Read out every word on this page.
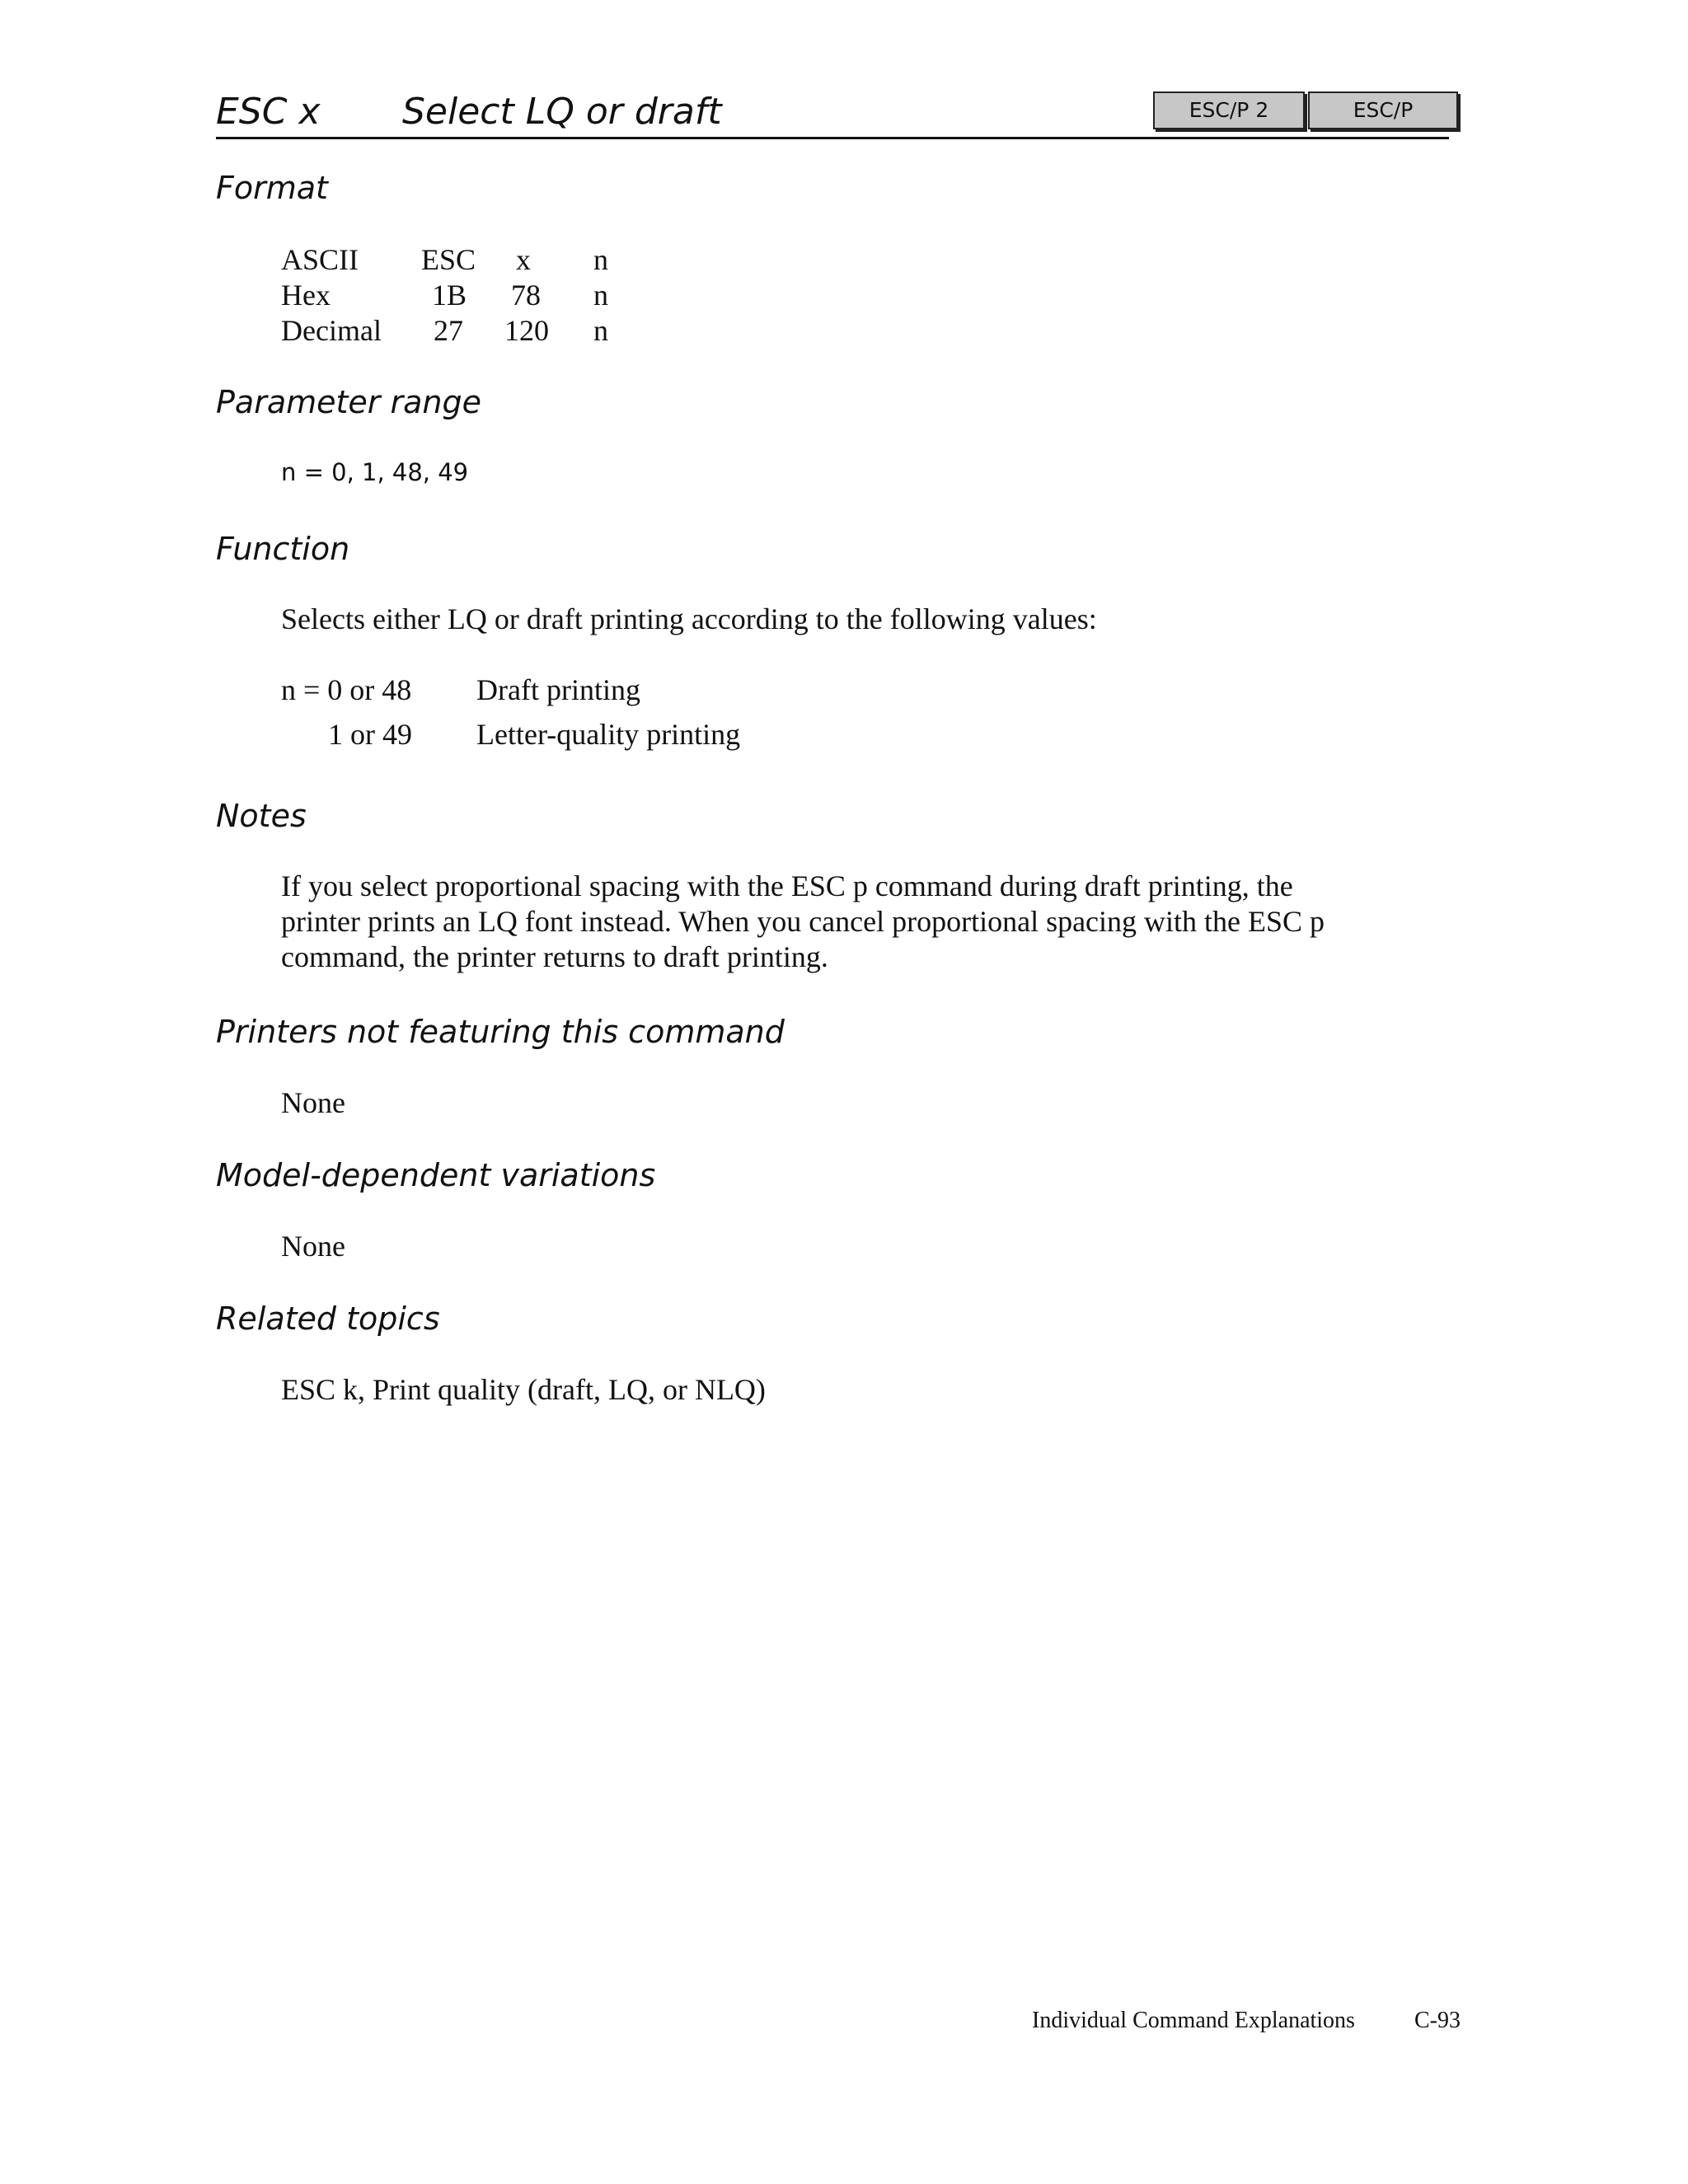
ESC x Select LQ or draft	ESC/P 2	ESC/P
Format
ASCII ESC x n
Hex	1B 78 n
Decimal 27 120 n
Parameter range
n = 0, 1, 48, 49
Function
Selects either LQ or draft printing according to the following values:
n = 0 or 48 Draft printing
1 or 49 Letter-quality printing
Notes
If you select proportional spacing with the ESC p command during draft printing, the
printer prints an LQ font instead. When you cancel proportional spacing with the ESC p
command, the printer returns to draft printing.
Printers not featuring this command
None
Model-dependent variations
None
Related topics
ESC k, Print quality (draft, LQ, or NLQ)
Individual Command Explanations	C-93
